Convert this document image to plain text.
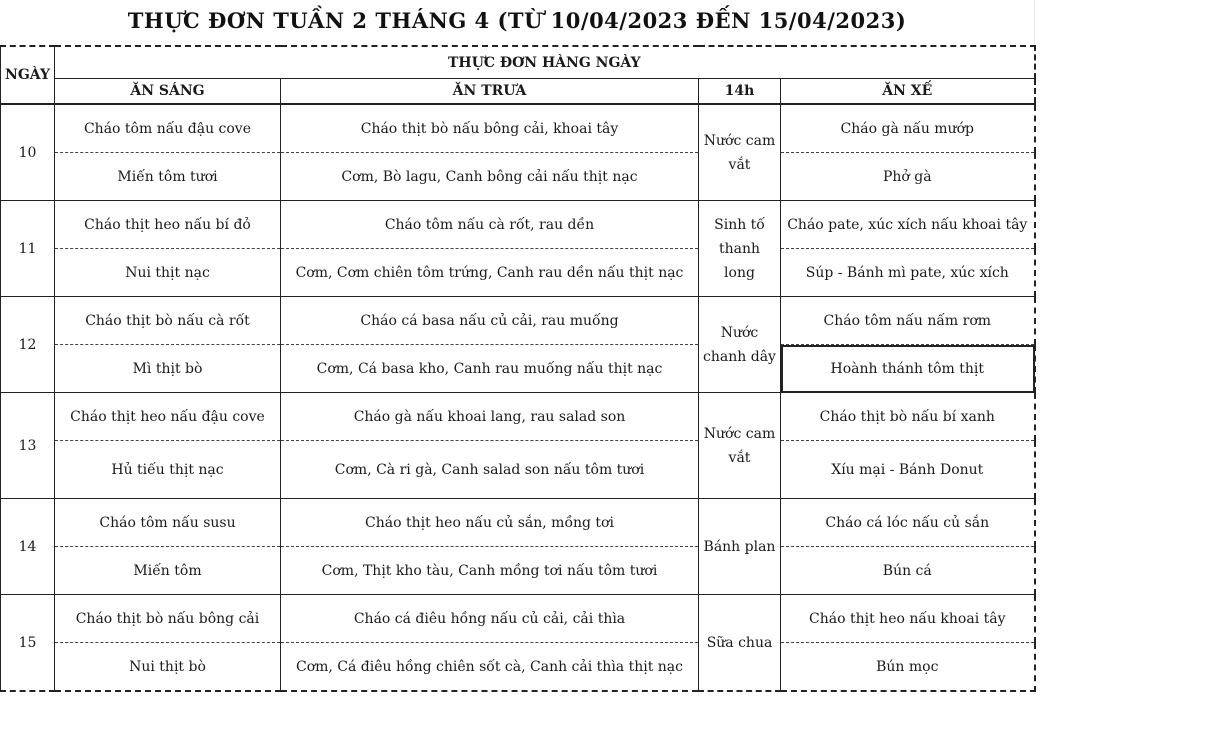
THỰC ĐƠN TUẦN 2 THÁNG 4 (TỪ 10/04/2023 ĐẾN 15/04/2023)
NGÀY	THỰC ĐƠN HÀNG NGÀY			
	ĂN SÁNG	ĂN TRƯA	14h	ĂN XẾ
10	Cháo tôm nấu đậu cove	Cháo thịt bò nấu bông cải, khoai tây	Nước cam vắt	Cháo gà nấu mướp
	Miến tôm tươi	Cơm, Bò lagu, Canh bông cải nấu thịt nạc		Phở gà
11	Cháo thịt heo nấu bí đỏ	Cháo tôm nấu cà rốt, rau dền	Sinh tố thanh long	Cháo pate, xúc xích nấu khoai tây
	Nui thịt nạc	Cơm, Cơm chiên tôm trứng, Canh rau dền nấu thịt nạc		Súp - Bánh mì pate, xúc xích
12	Cháo thịt bò nấu cà rốt	Cháo cá basa nấu củ cải, rau muống	Nước chanh dây	Cháo tôm nấu nấm rơm
	Mì thịt bò	Cơm, Cá basa kho, Canh rau muống nấu thịt nạc		Hoành thánh tôm thịt
13	Cháo thịt heo nấu đậu cove	Cháo gà nấu khoai lang, rau salad son	Nước cam vắt	Cháo thịt bò nấu bí xanh
	Hủ tiếu thịt nạc	Cơm, Cà ri gà, Canh salad son nấu tôm tươi		Xíu mại - Bánh Donut
14	Cháo tôm nấu susu	Cháo thịt heo nấu củ sắn, mồng tơi	Bánh plan	Cháo cá lóc nấu củ sắn
	Miến tôm	Cơm, Thịt kho tàu, Canh mồng tơi nấu tôm tươi		Bún cá
15	Cháo thịt bò nấu bông cải	Cháo cá điêu hồng nấu củ cải, cải thìa	Sữa chua	Cháo thịt heo nấu khoai tây
	Nui thịt bò	Cơm, Cá điêu hồng chiên sốt cà, Canh cải thìa thịt nạc		Bún mọc
